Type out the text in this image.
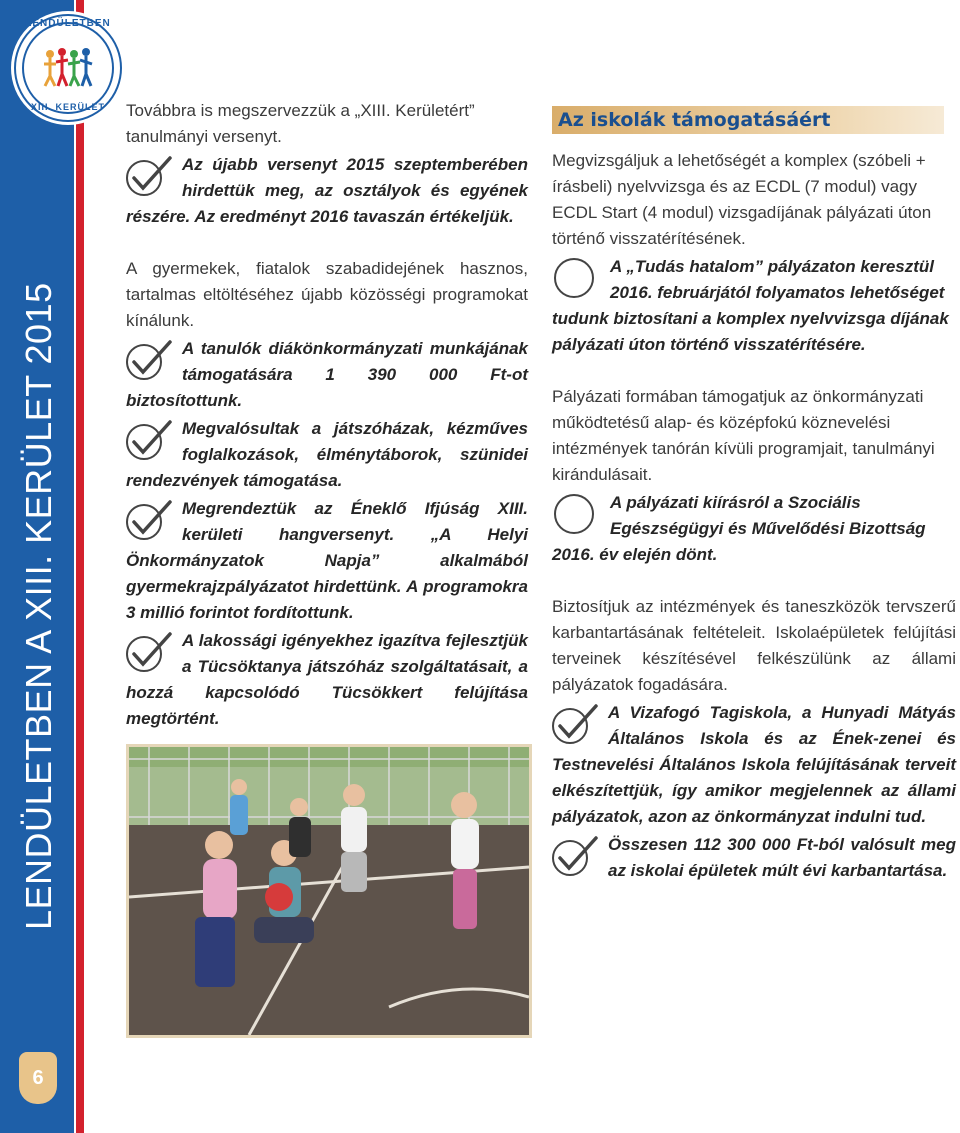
LENDÜLETBEN A XIII. KERÜLET 2015
6
LENDÜLETBEN
XIII. KERÜLET	Továbbra is megszervezzük a „XIII. Kerületért” tanulmányi versenyt.

Az újabb versenyt 2015 szeptemberében hirdettük meg, az osztályok és egyének részére. Az eredményt 2016 tavaszán értékeljük.

A gyermekek, fiatalok szabadidejének hasznos, tartalmas eltöltéséhez újabb közösségi programokat kínálunk.

A tanulók diákönkormányzati munkájának támogatására 1 390 000 Ft-ot biztosítottunk.
Megvalósultak a játszóházak, kézműves foglalkozások, élménytáborok, szünidei rendezvények támogatása.
Megrendeztük az Éneklő Ifjúság XIII. kerületi hangversenyt. „A Helyi Önkormányzatok Napja” alkalmából gyermekrajzpályázatot hirdettünk. A programokra 3 millió forintot fordítottunk.
A lakossági igényekhez igazítva fejlesztjük a Tücsöktanya játszóház szolgáltatásait, a hozzá kapcsolódó Tücsökkert felújítása megtörtént.
Az iskolák támogatásáért

Megvizsgáljuk a lehetőségét a komplex (szóbeli + írásbeli) nyelvvizsga és az ECDL (7 modul) vagy ECDL Start (4 modul) vizsgadíjának pályázati úton történő visszatérítésének.

A „Tudás hatalom” pályázaton keresztül 2016. februárjától folyamatos lehetőséget tudunk biztosítani a komplex nyelvvizsga díjának pályázati úton történő visszatérítésére.

Pályázati formában támogatjuk az önkormányzati működtetésű alap- és középfokú köznevelési intézmények tanórán kívüli programjait, tanulmányi kirándulásait.

A pályázati kiírásról a Szociális Egészségügyi és Művelődési Bizottság 2016. év elején dönt.

Biztosítjuk az intézmények és taneszközök tervszerű karbantartásának feltételeit. Iskolaépületek felújítási terveinek készítésével felkészülünk az állami pályázatok fogadására.

A Vizafogó Tagiskola, a Hunyadi Mátyás Általános Iskola és az Ének-zenei és Testnevelési Általános Iskola felújításának terveit elkészítettjük, így amikor megjelennek az állami pályázatok, azon az önkormányzat indulni tud.
Összesen 112 300 000 Ft-ból valósult meg az iskolai épületek múlt évi karbantartása.
